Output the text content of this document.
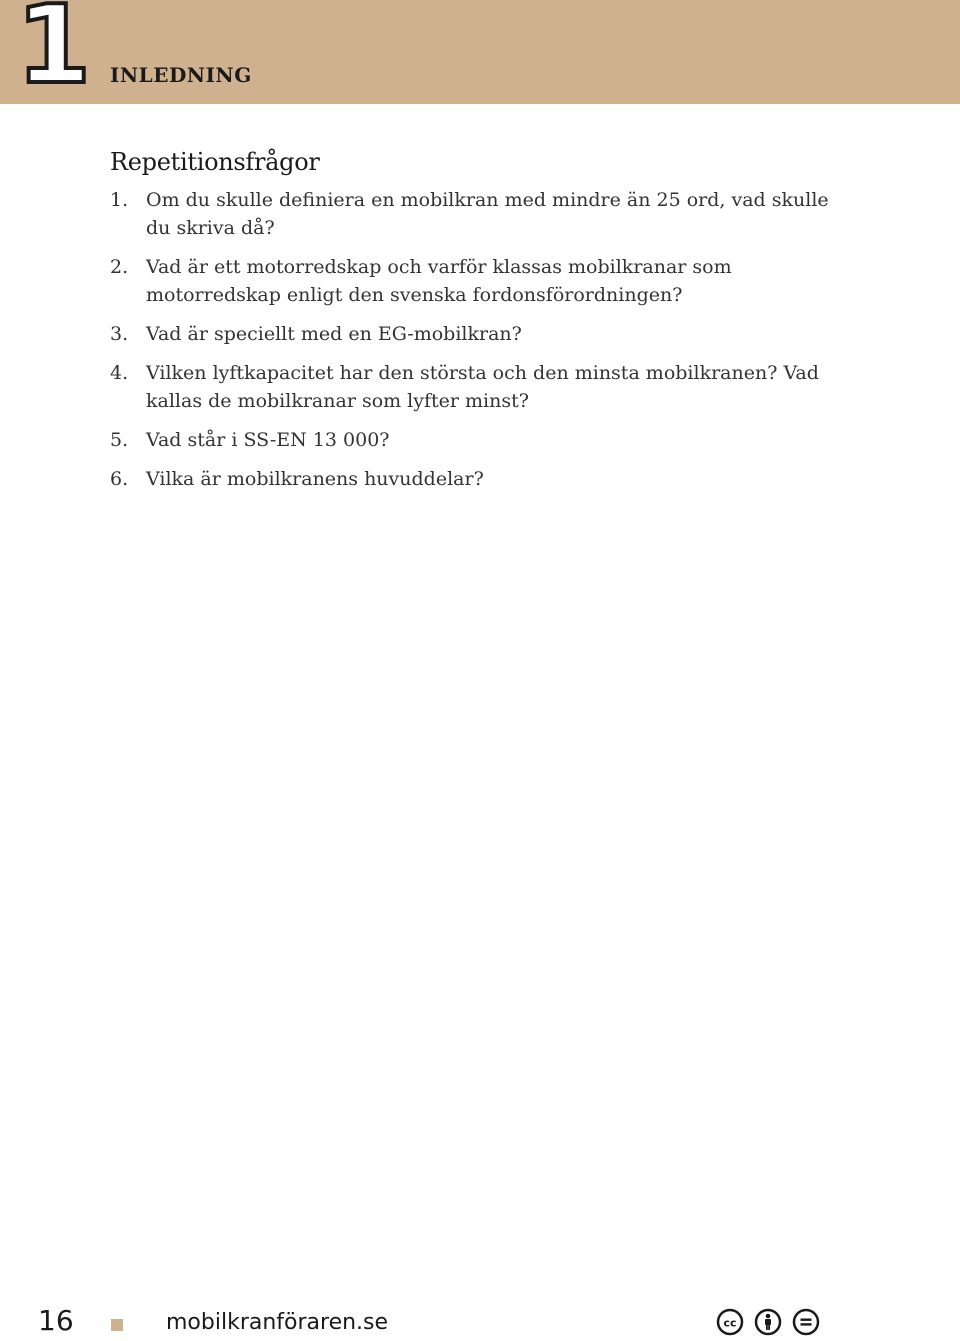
1 INLEDNING
Repetitionsfrågor
1. Om du skulle definiera en mobilkran med mindre än 25 ord, vad skulle du skriva då?
2. Vad är ett motorredskap och varför klassas mobilkranar som motorredskap enligt den svenska fordonsförordningen?
3. Vad är speciellt med en EG-mobilkran?
4. Vilken lyftkapacitet har den största och den minsta mobilkranen? Vad kallas de mobilkranar som lyfter minst?
5. Vad står i SS-EN 13 000?
6. Vilka är mobilkranens huvuddelar?
16	mobilkranföraren.se	cc
